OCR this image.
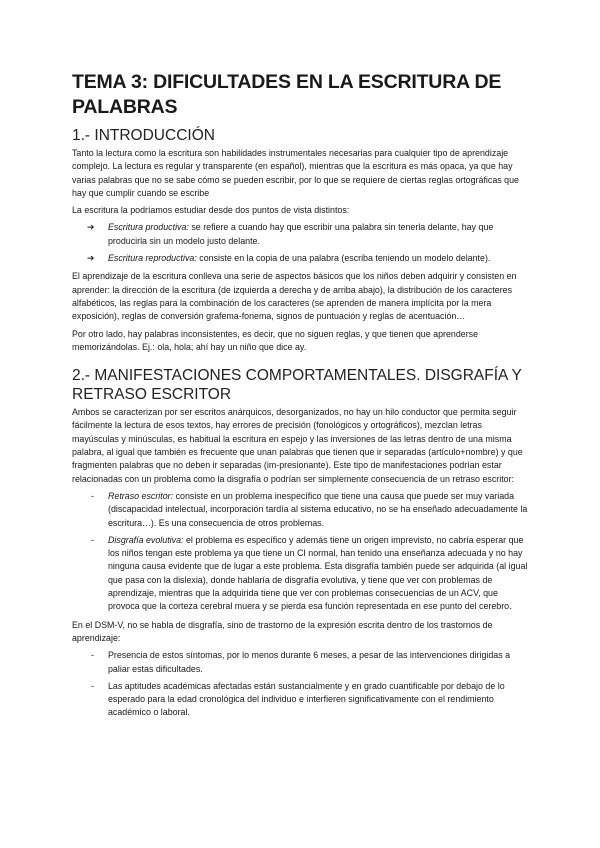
TEMA 3: DIFICULTADES EN LA ESCRITURA DE PALABRAS
1.- INTRODUCCIÓN

Tanto la lectura como la escritura son habilidades instrumentales necesarias para cualquier tipo de aprendizaje complejo. La lectura es regular y transparente (en español), mientras que la escritura es más opaca, ya que hay varias palabras que no se sabe cómo se pueden escribir, por lo que se requiere de ciertas reglas ortográficas que hay que cumplir cuando se escribe

La escritura la podríamos estudiar desde dos puntos de vista distintos:

➔ Escritura productiva: se refiere a cuando hay que escribir una palabra sin tenerla delante, hay que producirla sin un modelo justo delante.
➔ Escritura reproductiva: consiste en la copia de una palabra (escriba teniendo un modelo delante).

El aprendizaje de la escritura conlleva una serie de aspectos básicos que los niños deben adquirir y consisten en aprender: la dirección de la escritura (de izquierda a derecha y de arriba abajo), la distribución de los caracteres alfabéticos, las reglas para la combinación de los caracteres (se aprenden de manera implícita por la mera exposición), reglas de conversión grafema-fonema, signos de puntuación y reglas de acentuación…

Por otro lado, hay palabras inconsistentes, es decir, que no siguen reglas, y que tienen que aprenderse memorizándolas. Ej.: ola, hola; ahí hay un niño que dice ay.

2.- MANIFESTACIONES COMPORTAMENTALES. DISGRAFÍA Y RETRASO ESCRITOR

Ambos se caracterizan por ser escritos anárquicos, desorganizados, no hay un hilo conductor que permita seguir fácilmente la lectura de esos textos, hay errores de precisión (fonológicos y ortográficos), mezclan letras mayúsculas y minúsculas, es habitual la escritura en espejo y las inversiones de las letras dentro de una misma palabra, al igual que también es frecuente que unan palabras que tienen que ir separadas (artículo+nombre) y que fragmenten palabras que no deben ir separadas (im-presionante). Este tipo de manifestaciones podrían estar relacionadas con un problema como la disgrafía o podrían ser simplemente consecuencia de un retraso escritor:

- Retraso escritor: consiste en un problema inespecífico que tiene una causa que puede ser muy variada (discapacidad intelectual, incorporación tardía al sistema educativo, no se ha enseñado adecuadamente la escritura…). Es una consecuencia de otros problemas.
- Disgrafía evolutiva: el problema es específico y además tiene un origen imprevisto, no cabría esperar que los niños tengan este problema ya que tiene un CI normal, han tenido una enseñanza adecuada y no hay ninguna causa evidente que de lugar a este problema. Esta disgrafía también puede ser adquirida (al igual que pasa con la dislexia), donde hablaría de disgrafía evolutiva, y tiene que ver con problemas de aprendizaje, mientras que la adquirida tiene que ver con problemas consecuencias de un ACV, que provoca que la corteza cerebral muera y se pierda esa función representada en ese punto del cerebro.

En el DSM-V, no se habla de disgrafía, sino de trastorno de la expresión escrita dentro de los trastornos de aprendizaje:

- Presencia de estos síntomas, por lo menos durante 6 meses, a pesar de las intervenciones dirigidas a paliar estas dificultades.
- Las aptitudes académicas afectadas están sustancialmente y en grado cuantificable por debajo de lo esperado para la edad cronológica del individuo e interfieren significativamente con el rendimiento académico o laboral.
